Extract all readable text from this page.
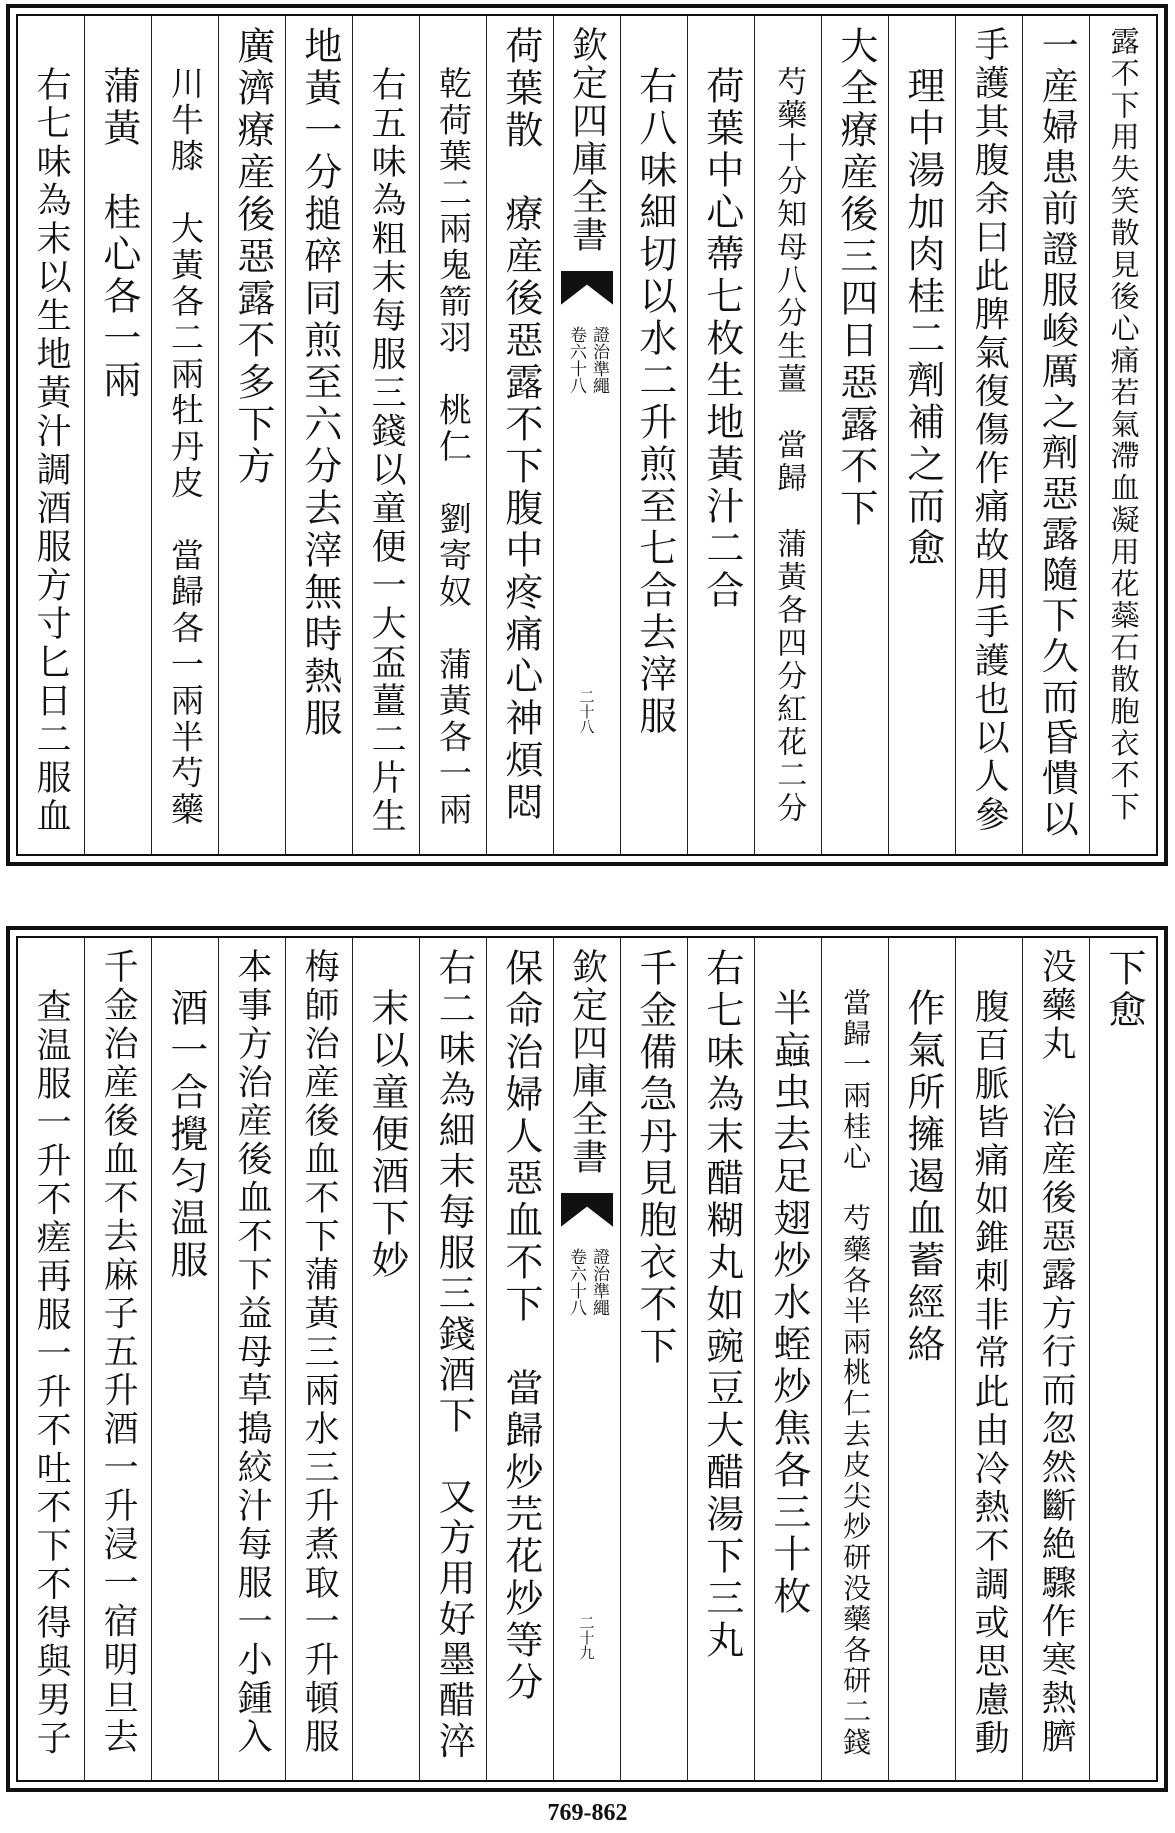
露不下用失笑散見後心痛若氣滯血凝用花蘂石散胞衣不下
一産婦患前證服峻厲之劑惡露隨下久而昏憒以
手護其腹余曰此脾氣復傷作痛故用手護也以人參
理中湯加肉桂二劑補之而愈
大全療産後三四日惡露不下
芍藥十分知母八分生薑　當歸　蒲黃各四分紅花二分
荷葉中心蔕七枚生地黃汁二合
右八味細切以水二升煎至七合去滓服
欽定四庫全書
證治準繩
卷六十八
二十八
荷葉散　療産後惡露不下腹中疼痛心神煩悶
乾荷葉二兩鬼箭羽　桃仁　劉寄奴　蒲黃各一兩
右五味為粗末每服三錢以童便一大盃薑二片生
地黃一分搥碎同煎至六分去滓無時熱服
廣濟療産後惡露不多下方
川牛膝　大黃各二兩牡丹皮　當歸各一兩半芍藥
蒲黃　桂心各一兩
右七味為末以生地黃汁調酒服方寸匕日二服血
下愈
没藥丸　治産後惡露方行而忽然斷絶驟作寒熱臍
腹百脈皆痛如錐刺非常此由冷熱不調或思慮動
作氣所擁遏血蓄經絡
當歸一兩桂心　芍藥各半兩桃仁去皮尖炒研没藥各研二錢
半蝱虫去足翅炒水蛭炒焦各三十枚
右七味為末醋糊丸如豌豆大醋湯下三丸
千金備急丹見胞衣不下
欽定四庫全書
證治準繩
卷六十八
二十九
保命治婦人惡血不下　當歸炒芫花炒等分
右二味為細末每服三錢酒下　又方用好墨醋淬
末以童便酒下妙
梅師治産後血不下蒲黃三兩水三升煮取一升頓服
本事方治産後血不下益母草搗絞汁每服一小鍾入
酒一合攪匀温服
千金治産後血不去麻子五升酒一升浸一宿明旦去
查温服一升不瘥再服一升不吐不下不得與男子
769-862
